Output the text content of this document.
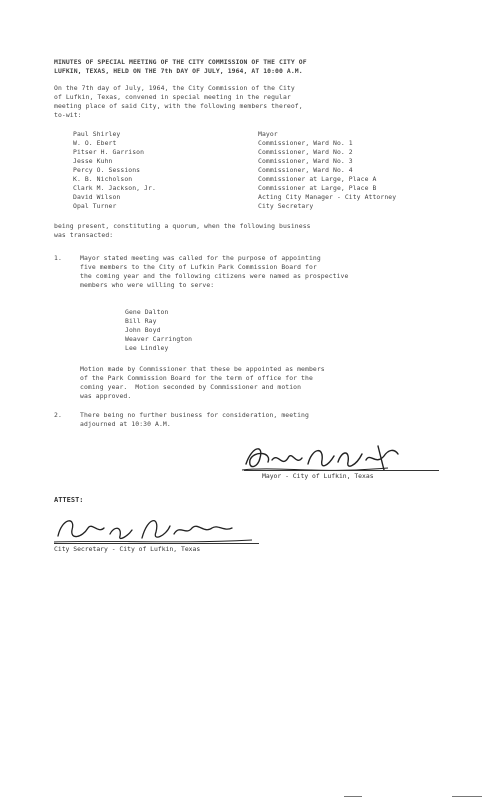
MINUTES OF SPECIAL MEETING OF THE CITY COMMISSION OF THE CITY OF
LUFKIN, TEXAS, HELD ON THE 7th DAY OF JULY, 1964, AT 10:00 A.M.
On the 7th day of July, 1964, the City Commission of the City
of Lufkin, Texas, convened in special meeting in the regular
meeting place of said City, with the following members thereof,
to-wit:
Paul Shirley	Mayor
W. O. Ebert	Commissioner, Ward No. 1
Pitser H. Garrison	Commissioner, Ward No. 2
Jesse Kuhn	Commissioner, Ward No. 3
Percy O. Sessions	Commissioner, Ward No. 4
K. B. Nicholson	Commissioner at Large, Place A
Clark M. Jackson, Jr.	Commissioner at Large, Place B
David Wilson	Acting City Manager - City Attorney
Opal Turner	City Secretary
being present, constituting a quorum, when the following business
was transacted:
1.	Mayor stated meeting was called for the purpose of appointing
five members to the City of Lufkin Park Commission Board for
the coming year and the following citizens were named as prospective
members who were willing to serve:
Gene Dalton
Bill Ray
John Boyd
Weaver Carrington
Lee Lindley
Motion made by Commissioner that these be appointed as members
of the Park Commission Board for the term of office for the
coming year.  Motion seconded by Commissioner and motion
was approved.
2.	There being no further business for consideration, meeting
adjourned at 10:30 A.M.
Mayor - City of Lufkin, Texas
ATTEST:
City Secretary - City of Lufkin, Texas
